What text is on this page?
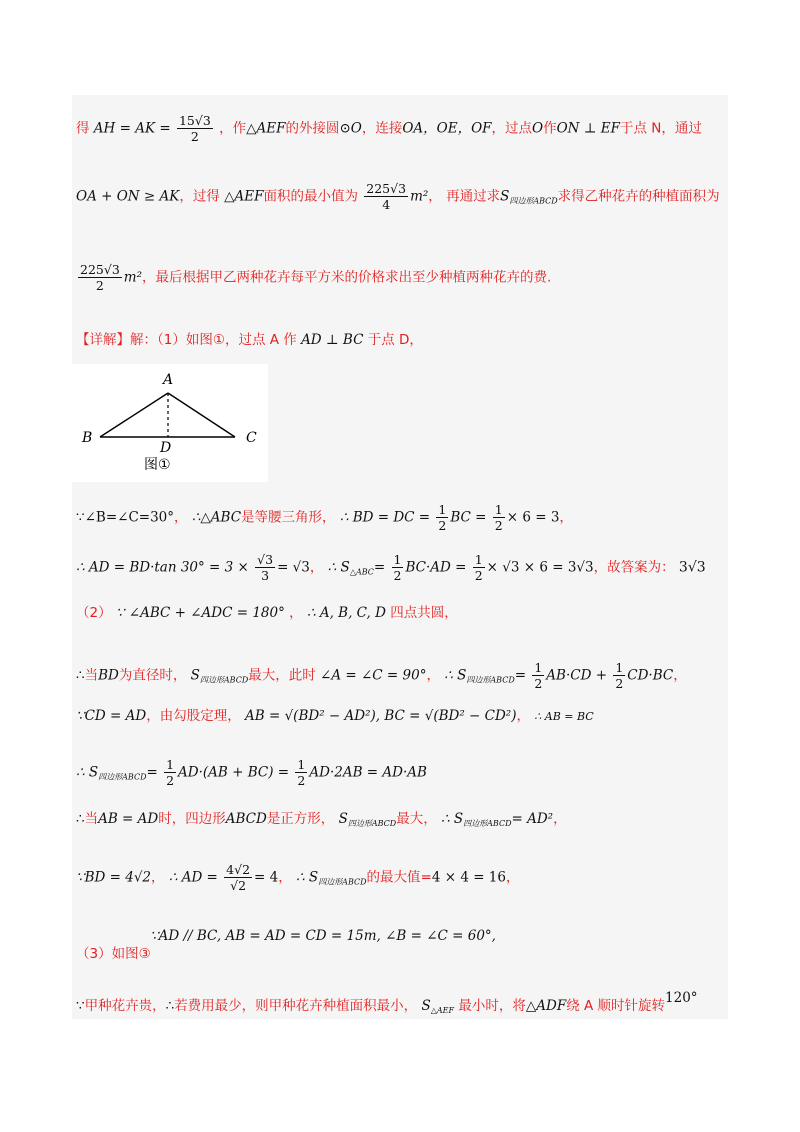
得 AH = AK = $\frac{15√3}{2}$ ，作△AEF的外接圆⊙O，连接OA，OE，OF，过点O作ON ⊥ EF于点 N，通过
OA + ON ≥ AK，过得 △AEF面积的最小值为 $\frac{225√3}{4} m^2$， 再通过求$S_{四边形ABCD}$求得乙种花卉的种植面积为
$\frac{225√3}{2} m^2$，最后根据甲乙两种花卉每平方米的价格求出至少种植两种花卉的费.
【详解】解：（1）如图①，过点 A 作 AD ⊥ BC 于点 D，
A
B	C
D
图①
∵∠B=∠C=30°， ∴△ABC是等腰三角形， ∴ BD = DC = $\frac{1}{2}$ BC = $\frac{1}{2} \times 6 = 3$，
∴ AD = BD·tan $30^\circ = 3 \times \frac{√3}{3} = √3$， ∴ $S_{\triangle ABC}= \frac{1}{2} BC\cdot AD = \frac{1}{2} \times √3 \times 6 = 3√3$，故答案为： 3√3
（2） ∵ ∠ABC + ∠ADC = 180° ， ∴ A, B, C, D 四点共圆，
∴当BD为直径时， $S_{四边形ABCD}$最大，此时 ∠A = ∠C = 90°， ∴ $S_{四边形ABCD}= \frac{1}{2} AB\cdot CD + \frac{1}{2} CD\cdot BC$，
∵CD = AD，由勾股定理， AB = √(BD² − AD²), BC = √(BD² − CD²)， ∴ AB = BC
∴ $S_{四边形ABCD}= \frac{1}{2} AD\cdot(AB + BC) = \frac{1}{2} AD\cdot 2AB = AD\cdot AB$
∴当AB = AD时，四边形ABCD是正方形， $S_{四边形ABCD}$最大， ∴ $S_{四边形ABCD}= AD^2$，
∵BD = 4√2， ∴ AD = $\frac{4√2}{√2} = 4$， ∴ $S_{四边形ABCD}$的最大值=4 × 4 = 16，
∵AD // BC, AB = AD = CD = 15m, ∠B = ∠C = 60°,
（3）如图③
∵甲种花卉贵，∴若费用最少，则甲种花卉种植面积最小， $S_{\triangle AEF}$ 最小时，将△ADF绕 A 顺时针旋转120°
